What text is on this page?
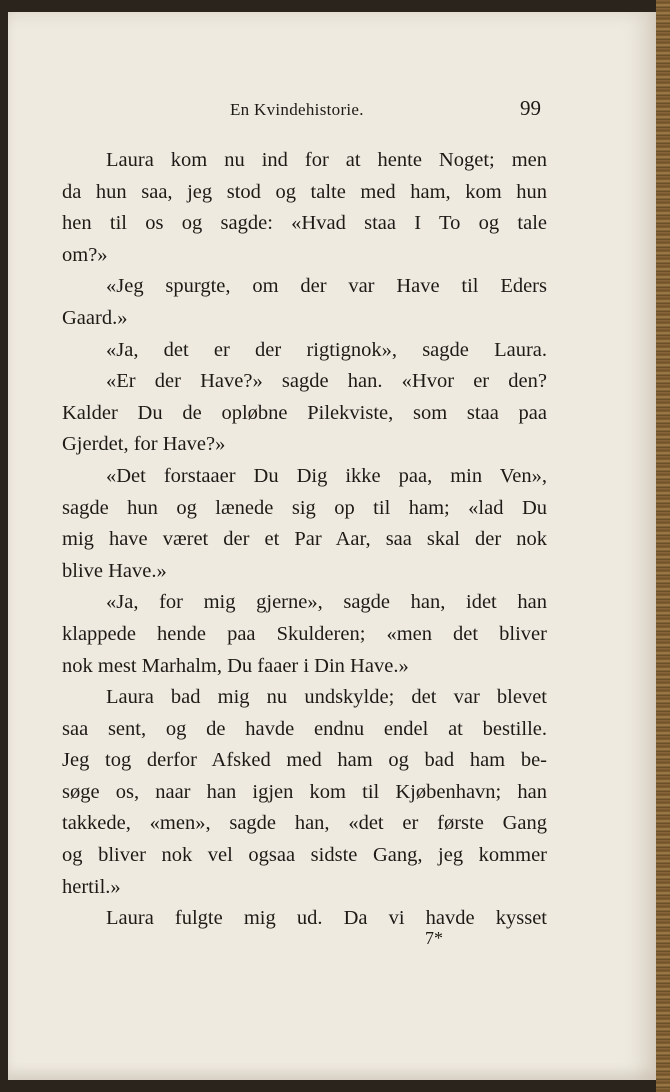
En Kvindehistorie.	99
Laura kom nu ind for at hente Noget; men
da hun saa, jeg stod og talte med ham, kom hun
hen til os og sagde: «Hvad staa I To og tale
om?»
«Jeg spurgte, om der var Have til Eders
Gaard.»
«Ja, det er der rigtignok», sagde Laura.
«Er der Have?» sagde han. «Hvor er den?
Kalder Du de opløbne Pilekviste, som staa paa
Gjerdet, for Have?»
«Det forstaaer Du Dig ikke paa, min Ven»,
sagde hun og lænede sig op til ham; «lad Du
mig have været der et Par Aar, saa skal der nok
blive Have.»
«Ja, for mig gjerne», sagde han, idet han
klappede hende paa Skulderen; «men det bliver
nok mest Marhalm, Du faaer i Din Have.»
Laura bad mig nu undskylde; det var blevet
saa sent, og de havde endnu endel at bestille.
Jeg tog derfor Afsked med ham og bad ham be-
søge os, naar han igjen kom til Kjøbenhavn; han
takkede, «men», sagde han, «det er første Gang
og bliver nok vel ogsaa sidste Gang, jeg kommer
hertil.»
Laura fulgte mig ud. Da vi havde kysset
7*
